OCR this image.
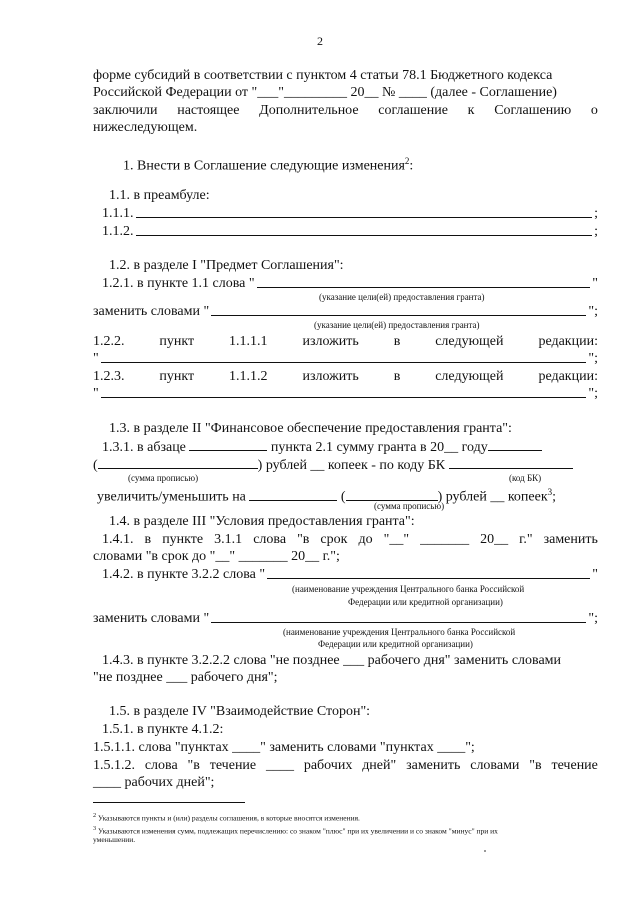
2
форме субсидий в соответствии с пунктом 4 статьи 78.1 Бюджетного кодекса
Российской Федерации от "___"_________ 20__ № ____ (далее - Соглашение)
заключили настоящее Дополнительное соглашение к Соглашению о
нижеследующем.
1. Внести в Соглашение следующие изменения$^2$:
1.1. в преамбуле:
1.1.1.	;
1.1.2.	;
1.2. в разделе I "Предмет Соглашения":
1.2.1. в пункте 1.1 слова "	"
(указание цели(ей) предоставления гранта)
заменить словами "	";
(указание цели(ей) предоставления гранта)
1.2.2. пункт 1.1.1.1 изложить в следующей редакции:
"	";
1.2.3. пункт 1.1.1.2 изложить в следующей редакции:
"	";
1.3. в разделе II "Финансовое обеспечение предоставления гранта":
1.3.1. в абзаце	пункта 2.1 сумму гранта в 20__ году
(	) рублей __ копеек - по коду БК
(сумма прописью)	(код БК)
увеличить/уменьшить на	(	) рублей __ копеек$^3$;
(сумма прописью)
1.4. в разделе III "Условия предоставления гранта":
1.4.1. в пункте 3.1.1 слова "в срок до "__" _______ 20__ г." заменить
словами "в срок до "__" _______ 20__ г.";
1.4.2. в пункте 3.2.2 слова "	"
(наименование учреждения Центрального банка Российской
Федерации или кредитной организации)
заменить словами "	";
(наименование учреждения Центрального банка Российской
Федерации или кредитной организации)
1.4.3. в пункте 3.2.2.2 слова "не позднее ___ рабочего дня" заменить словами
"не позднее ___ рабочего дня";
1.5. в разделе IV "Взаимодействие Сторон":
1.5.1. в пункте 4.1.2:
1.5.1.1. слова "пунктах ____" заменить словами "пунктах ____";
1.5.1.2. слова "в течение ____ рабочих дней" заменить словами "в течение
____ рабочих дней";
$^2$ Указываются пункты и (или) разделы соглашения, в которые вносятся изменения.
$^3$ Указываются изменения сумм, подлежащих перечислению: со знаком "плюс" при их увеличении и со знаком "минус" при их
уменьшении.
